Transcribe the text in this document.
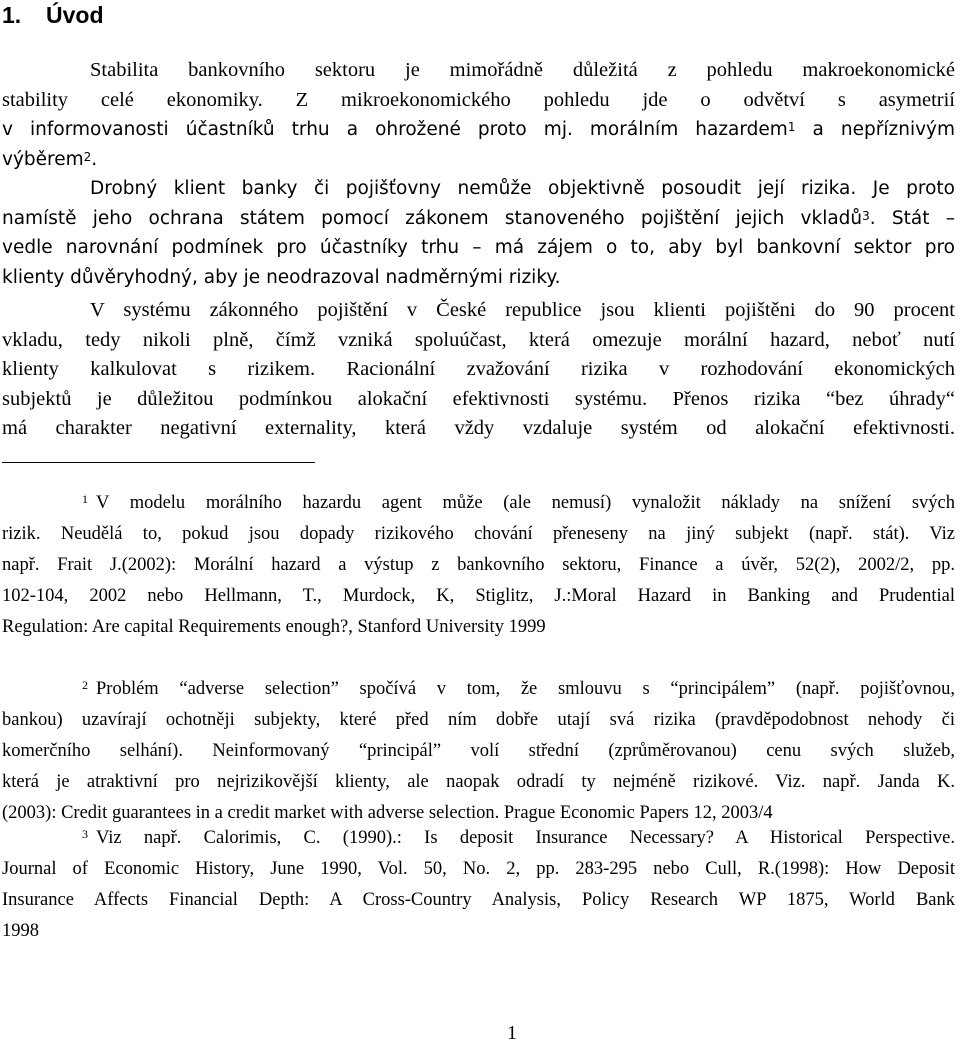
1. Úvod
Stabilita bankovního sektoru je mimořádně důležitá z pohledu makroekonomické
stability celé ekonomiky. Z mikroekonomického pohledu jde o odvětví s asymetrií
v informovanosti účastníků trhu a ohrožené proto mj. morálním hazardem$^1$ a nepříznivým
výběrem$^2$.
Drobný klient banky či pojišťovny nemůže objektivně posoudit její rizika. Je proto
namístě jeho ochrana státem pomocí zákonem stanoveného pojištění jejich vkladů$^3$. Stát –
vedle narovnání podmínek pro účastníky trhu – má zájem o to, aby byl bankovní sektor pro
klienty důvěryhodný, aby je neodrazoval nadměrnými riziky.
V systému zákonného pojištění v České republice jsou klienti pojištěni do 90 procent
vkladu, tedy nikoli plně, čímž vzniká spoluúčast, která omezuje morální hazard, neboť nutí
klienty kalkulovat s rizikem. Racionální zvažování rizika v rozhodování ekonomických
subjektů je důležitou podmínkou alokační efektivnosti systému. Přenos rizika “bez úhrady“
má charakter negativní externality, která vždy vzdaluje systém od alokační efektivnosti.
$^1$ V modelu morálního hazardu agent může (ale nemusí) vynaložit náklady na snížení svých
rizik. Neudělá to, pokud jsou dopady rizikového chování přeneseny na jiný subjekt (např. stát). Viz
např. Frait J.(2002): Morální hazard a výstup z bankovního sektoru, Finance a úvěr, 52(2), 2002/2, pp.
102-104, 2002 nebo Hellmann, T., Murdock, K, Stiglitz, J.:Moral Hazard in Banking and Prudential
Regulation: Are capital Requirements enough?, Stanford University 1999
$^2$ Problém “adverse selection” spočívá v tom, že smlouvu s “principálem” (např. pojišťovnou,
bankou) uzavírají ochotněji subjekty, které před ním dobře utají svá rizika (pravděpodobnost nehody či
komerčního selhání). Neinformovaný “principál” volí střední (zprůměrovanou) cenu svých služeb,
která je atraktivní pro nejrizikovější klienty, ale naopak odradí ty nejméně rizikové. Viz. např. Janda K.
(2003): Credit guarantees in a credit market with adverse selection. Prague Economic Papers 12, 2003/4
$^3$ Viz např. Calorimis, C. (1990).: Is deposit Insurance Necessary? A Historical Perspective.
Journal of Economic History, June 1990, Vol. 50, No. 2, pp. 283-295 nebo Cull, R.(1998): How Deposit
Insurance Affects Financial Depth: A Cross-Country Analysis, Policy Research WP 1875, World Bank
1998
1
